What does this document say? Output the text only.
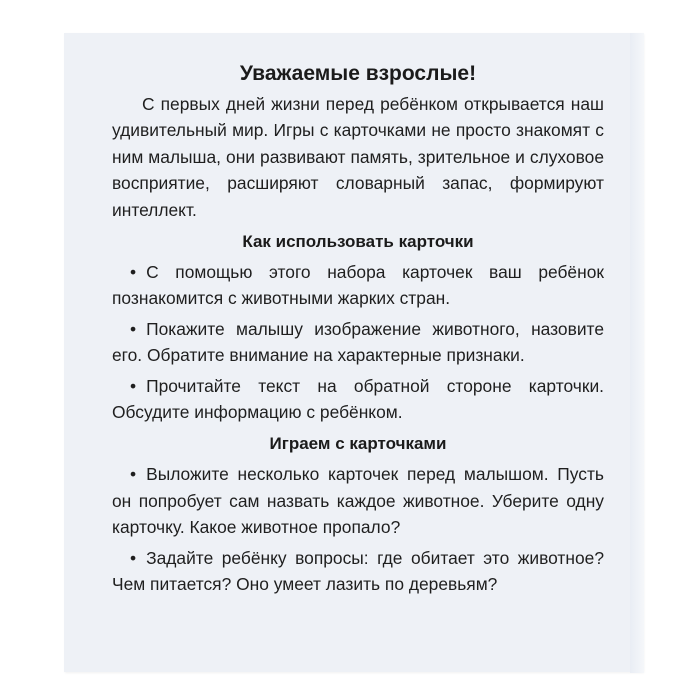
Уважаемые взрослые!

С первых дней жизни перед ребёнком открывается наш удивительный мир. Игры с карточками не просто знакомят с ним малыша, они развивают память, зрительное и слуховое восприятие, расширяют словарный запас, формируют интеллект.

Как использовать карточки

• С помощью этого набора карточек ваш ребёнок познакомится с животными жарких стран.

• Покажите малышу изображение животного, назовите его. Обратите внимание на характерные признаки.

• Прочитайте текст на обратной стороне карточки. Обсудите информацию с ребёнком.

Играем с карточками

• Выложите несколько карточек перед малышом. Пусть он попробует сам назвать каждое животное. Уберите одну карточку. Какое животное пропало?

• Задайте ребёнку вопросы: где обитает это животное? Чем питается? Оно умеет лазить по деревьям?
